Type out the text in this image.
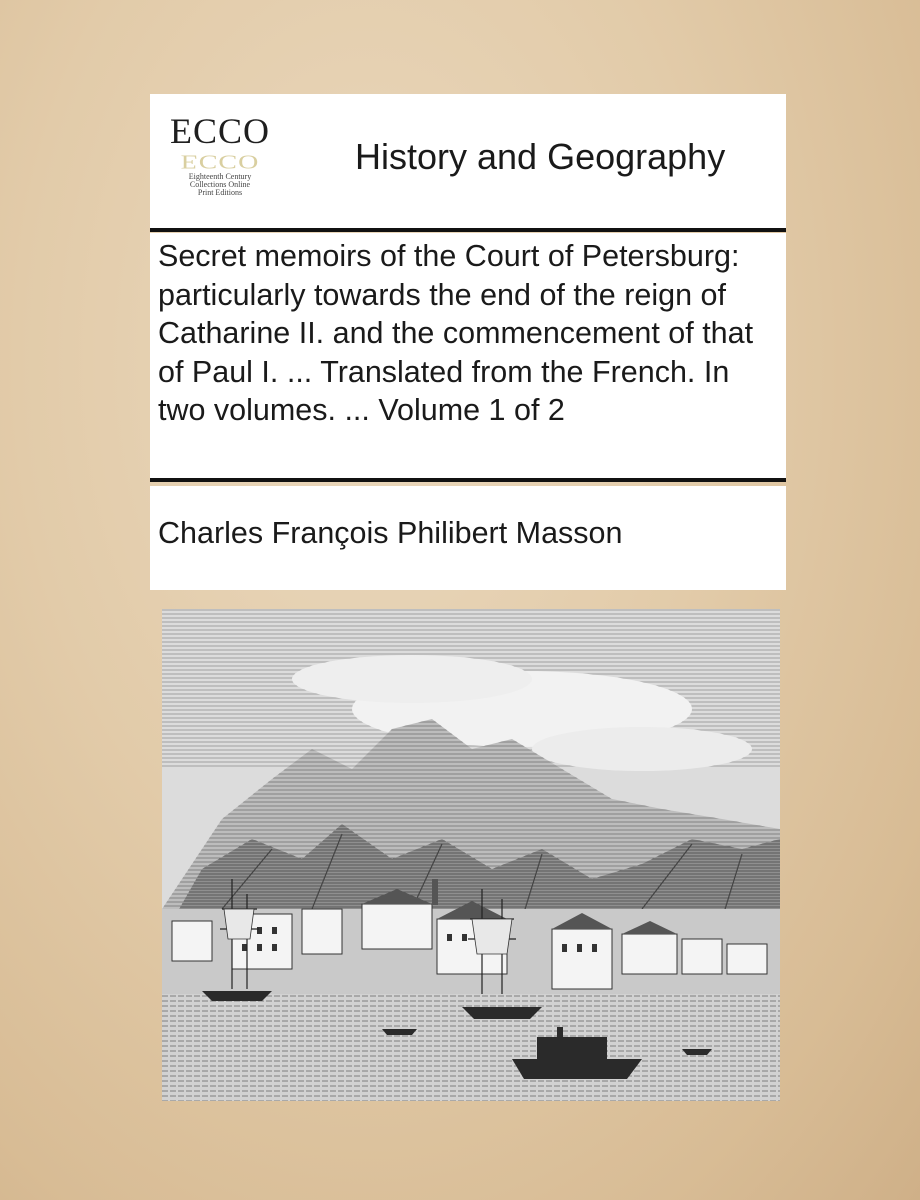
ECCO
ECCO
Eighteenth Century
Collections Online
Print Editions
History and Geography
Secret memoirs of the Court of Petersburg: particularly towards the end of the reign of Catharine II. and the commencement of that of Paul I. ... Translated from the French. In two volumes. ... Volume 1 of 2
Charles François Philibert Masson
